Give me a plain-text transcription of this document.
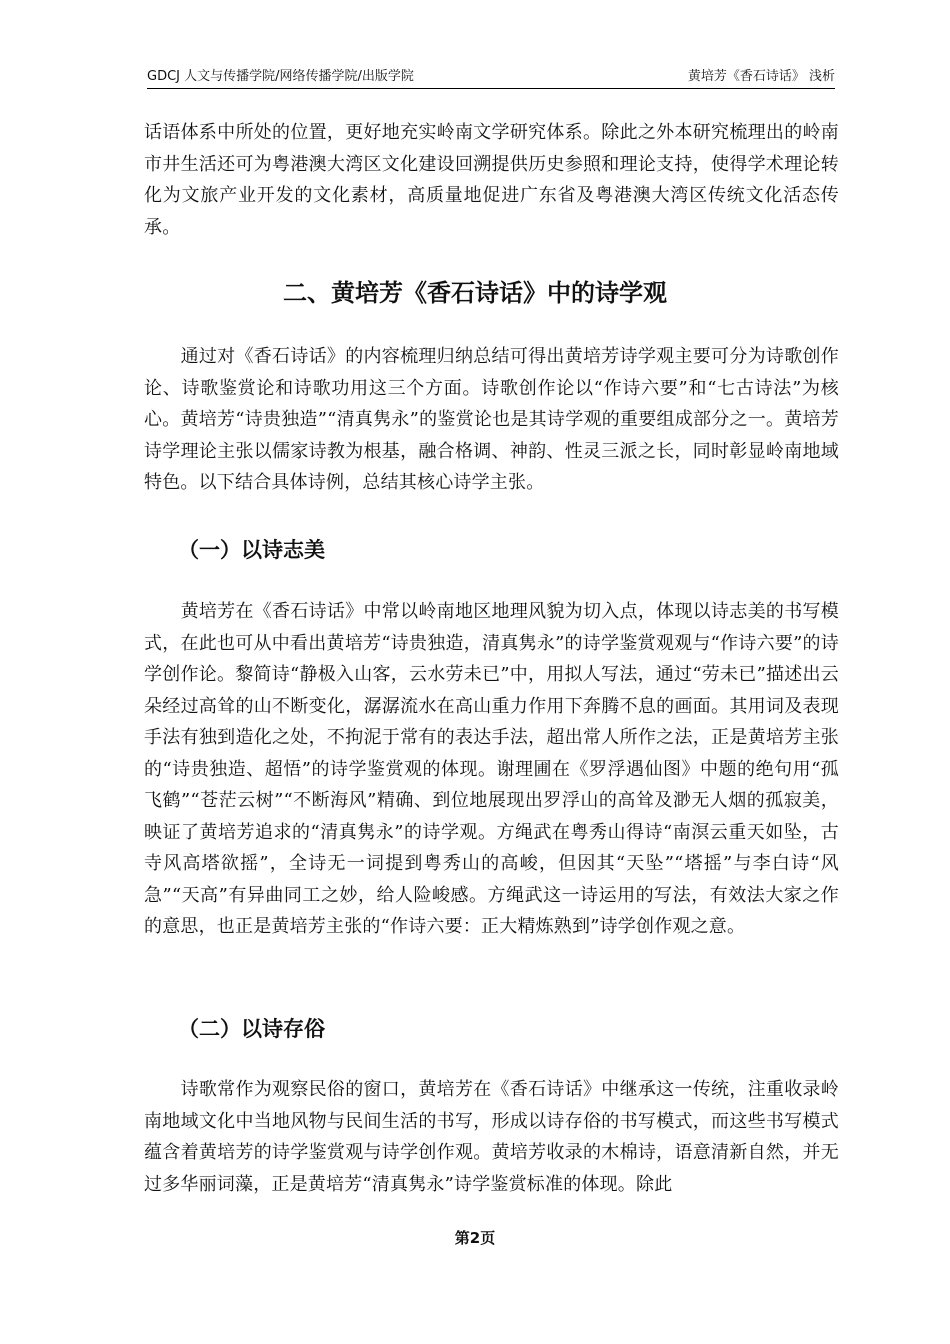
GDCJ 人文与传播学院/网络传播学院/出版学院	黄培芳《香石诗话》 浅析

话语体系中所处的位置，更好地充实岭南文学研究体系。除此之外本研究梳理出的岭南市井生活还可为粤港澳大湾区文化建设回溯提供历史参照和理论支持，使得学术理论转化为文旅产业开发的文化素材，高质量地促进广东省及粤港澳大湾区传统文化活态传承。

二、黄培芳《香石诗话》中的诗学观

　　通过对《香石诗话》的内容梳理归纳总结可得出黄培芳诗学观主要可分为诗歌创作论、诗歌鉴赏论和诗歌功用这三个方面。诗歌创作论以“作诗六要”和“七古诗法”为核心。黄培芳“诗贵独造”“清真隽永”的鉴赏论也是其诗学观的重要组成部分之一。黄培芳诗学理论主张以儒家诗教为根基，融合格调、神韵、性灵三派之长，同时彰显岭南地域特色。以下结合具体诗例，总结其核心诗学主张。

（一）以诗志美

　　黄培芳在《香石诗话》中常以岭南地区地理风貌为切入点，体现以诗志美的书写模式，在此也可从中看出黄培芳“诗贵独造，清真隽永”的诗学鉴赏观观与“作诗六要”的诗学创作论。黎简诗“静极入山客，云水劳未已”中，用拟人写法，通过“劳未已”描述出云朵经过高耸的山不断变化，潺潺流水在高山重力作用下奔腾不息的画面。其用词及表现手法有独到造化之处，不拘泥于常有的表达手法，超出常人所作之法，正是黄培芳主张的“诗贵独造、超悟”的诗学鉴赏观的体现。谢理圃在《罗浮遇仙图》中题的绝句用“孤飞鹤”“苍茫云树”“不断海风”精确、到位地展现出罗浮山的高耸及渺无人烟的孤寂美，映证了黄培芳追求的“清真隽永”的诗学观。方绳武在粤秀山得诗“南溟云重天如坠，古寺风高塔欲摇”，全诗无一词提到粤秀山的高峻，但因其“天坠”“塔摇”与李白诗“风急”“天高”有异曲同工之妙，给人险峻感。方绳武这一诗运用的写法，有效法大家之作的意思，也正是黄培芳主张的“作诗六要：正大精炼熟到”诗学创作观之意。

（二）以诗存俗

　　诗歌常作为观察民俗的窗口，黄培芳在《香石诗话》中继承这一传统，注重收录岭南地域文化中当地风物与民间生活的书写，形成以诗存俗的书写模式，而这些书写模式蕴含着黄培芳的诗学鉴赏观与诗学创作观。黄培芳收录的木棉诗，语意清新自然，并无过多华丽词藻，正是黄培芳“清真隽永”诗学鉴赏标准的体现。除此

第2页
